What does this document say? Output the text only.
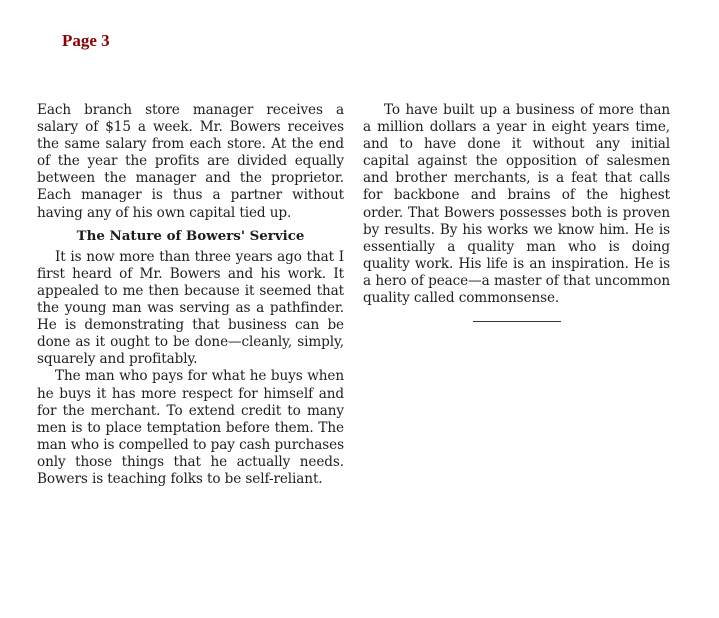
Page 3

Each branch store manager receives a salary of $15 a week. Mr. Bowers receives the same salary from each store. At the end of the year the profits are divided equally between the manager and the proprietor. Each manager is thus a partner without having any of his own capital tied up.

The Nature of Bowers' Service

It is now more than three years ago that I first heard of Mr. Bowers and his work. It appealed to me then because it seemed that the young man was serving as a pathfinder. He is demonstrating that business can be done as it ought to be done—cleanly, simply, squarely and profitably.

The man who pays for what he buys when he buys it has more respect for himself and for the merchant. To extend credit to many men is to place temptation before them. The man who is compelled to pay cash purchases only those things that he actually needs. Bowers is teaching folks to be self-reliant.

To have built up a business of more than a million dollars a year in eight years time, and to have done it without any initial capital against the opposition of salesmen and brother merchants, is a feat that calls for backbone and brains of the highest order. That Bowers possesses both is proven by results. By his works we know him. He is essentially a quality man who is doing quality work. His life is an inspiration. He is a hero of peace—a master of that uncommon quality called commonsense.
